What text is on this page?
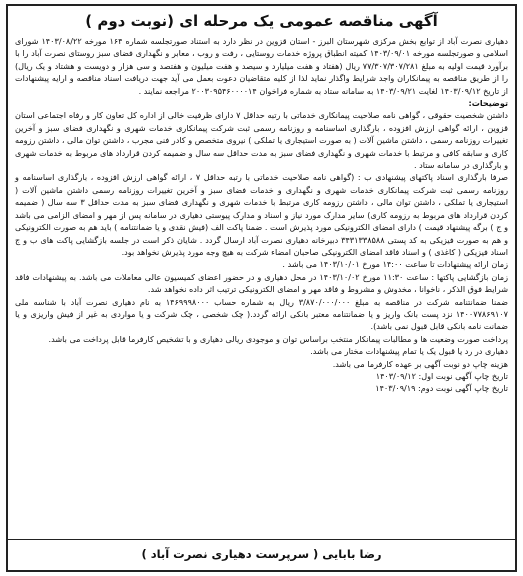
آگهی مناقصه عمومی یک مرحله ای (نوبت دوم )

دهیاری نصرت آباد از توابع بخش مرکزی شهرستان البرز - استان قزوین در نظر دارد به استناد صورتجلسه شماره ۱۶۴ مورخه ۱۴۰۳/۰۸/۲۲ شورای اسلامی و صورتجلسه مورخه ۱۴۰۳/۰۹/۰۱ کمیته انطباق پروژه خدمات روستایی ، رفت و روب ، معابر و نگهداری فضای سبز روستای نصرت آباد را با برآورد قیمت اولیه به مبلغ ۷۷/۳۰۷/۳۰۷/۲۸۱ ریال (هفتاد و هفت میلیارد و سیصد و هفت میلیون و هفتصد و سی هزار و دویست و هشتاد و یک ریال) را از طریق مناقصه به پیمانکاران واجد شرایط واگذار نماید لذا از کلیه متقاضیان دعوت بعمل می آید جهت دریافت اسناد مناقصه و ارایه پیشنهادات از تاریخ ۱۴۰۳/۰۹/۱۲ لغایت ۱۴۰۳/۰۹/۲۱ به سامانه ستاد به شماره فراخوان ۲۰۰۳۰۹۵۴۶۰۰۰۰۱۴ مراجعه نمایند .

توضیحات:

داشتن شخصیت حقوقی ، گواهی نامه صلاحیت پیمانکاری خدماتی با رتبه حداقل ۷ دارای ظرفیت خالی از اداره کل تعاون کار و رفاه اجتماعی استان قزوین ، ارائه گواهی ارزش افزوده ، بارگذاری اساسنامه و روزنامه رسمی ثبت شرکت پیمانکاری خدمات شهری و نگهداری فضای سبز و آخرین تغییرات روزنامه رسمی ، داشتن ماشین آلات ( به صورت استیجاری یا تملکی ) نیروی متخصص و کادر فنی مجرب ، داشتن توان مالی ، داشتن رزومه کاری و سابقه کافی و مرتبط با خدمات شهری و نگهداری فضای سبز به مدت حداقل سه سال و ضمیمه کردن قرارداد های مربوط به خدمات شهری و بارگذاری در سامانه ستاد .

صرفا بارگذاری اسناد پاکتهای پیشنهادی ب : (گواهی نامه صلاحیت خدماتی با رتبه حداقل ۷ ، ارائه گواهی ارزش افزوده ، بارگذاری اساسنامه و روزنامه رسمی ثبت شرکت پیمانکاری خدمات شهری و نگهداری و خدمات فضای سبز و آخرین تغییرات روزنامه رسمی داشتن ماشین آلات ( استیجاری یا تملکی ، داشتن توان مالی ، داشتن رزومه کاری مرتبط با خدمات شهری و نگهداری فضای سبز به مدت حداقل ۳ سه سال ( ضمیمه کردن قرارداد های مربوط به رزومه کاری) سایر مدارک مورد نیاز و اسناد و مدارک پیوستی دهیاری در سامانه پس از مهر و امضای الزامی می باشد و ج ) برگه پیشنهاد قیمت ) دارای امضای الکترونیکی مورد پذیرش است . ضمنا پاکت الف (فیش نقدی و یا ضمانتنامه ) باید هم به صورت الکترونیکی و هم به صورت فیزیکی به کد پستی ۳۴۳۱۳۳۸۵۸۸ دبیرخانه دهیاری نصرت آباد ارسال گردد . شایان ذکر است در جلسه بازگشایی پاکت های ب و ج اسناد فیزیکی ( کاغذی ) و اسناد فاقد امضای الکترونیکی صاحبان امضاء شرکت به هیچ وجه مورد پذیرش نخواهد بود.

زمان ارائه پیشنهادات تا ساعت ۱۴:۰۰ مورخ ۱۴۰۳/۱۰/۰۱ می باشد .

زمان بازگشایی پاکتها : ساعت ۱۱:۳۰ مورخ ۱۴۰۳/۱۰/۰۲ در محل دهیاری و در حضور اعضای کمیسیون عالی معاملات می باشد. به پیشنهادات فاقد شرایط فوق الذکر ، ناخوانا ، مخدوش و مشروط و فاقد مهر و امضای الکترونیکی ترتیب اثر داده نخواهد شد.

ضمنا ضمانتنامه شرکت در مناقصه به مبلغ ۳/۸۷۰/۰۰۰/۰۰۰ ریال به شماره حساب ۱۴۶۹۹۹۸۰۰۰ به نام دهیاری نصرت آباد با شناسه ملی ۱۴۰۰۷۷۸۶۹۱۰۷ نزد پست بانک واریز و یا ضمانتنامه معتبر بانکی ارائه گردد.( چک شخصی ، چک شرکت و یا مواردی به غیر از فیش واریزی و یا ضمانت نامه بانکی قابل قبول نمی باشد).

پرداخت صورت وضعیت ها و مطالبات پیمانکار منتخب براساس توان و موجودی ریالی دهیاری و با تشخیص کارفرما قابل پرداخت می باشد.

دهیاری در رد یا قبول یک یا تمام پیشنهادات مختار می باشد.

هزینه چاپ دو نوبت آگهی بر عهده کارفرما می باشد.

تاریخ چاپ آگهی نوبت اول: ۱۴۰۳/۰۹/۱۲

تاریخ چاپ آگهی نوبت دوم: ۱۴۰۳/۰۹/۱۹

رضا بابایی ( سرپرست دهیاری نصرت آباد )
